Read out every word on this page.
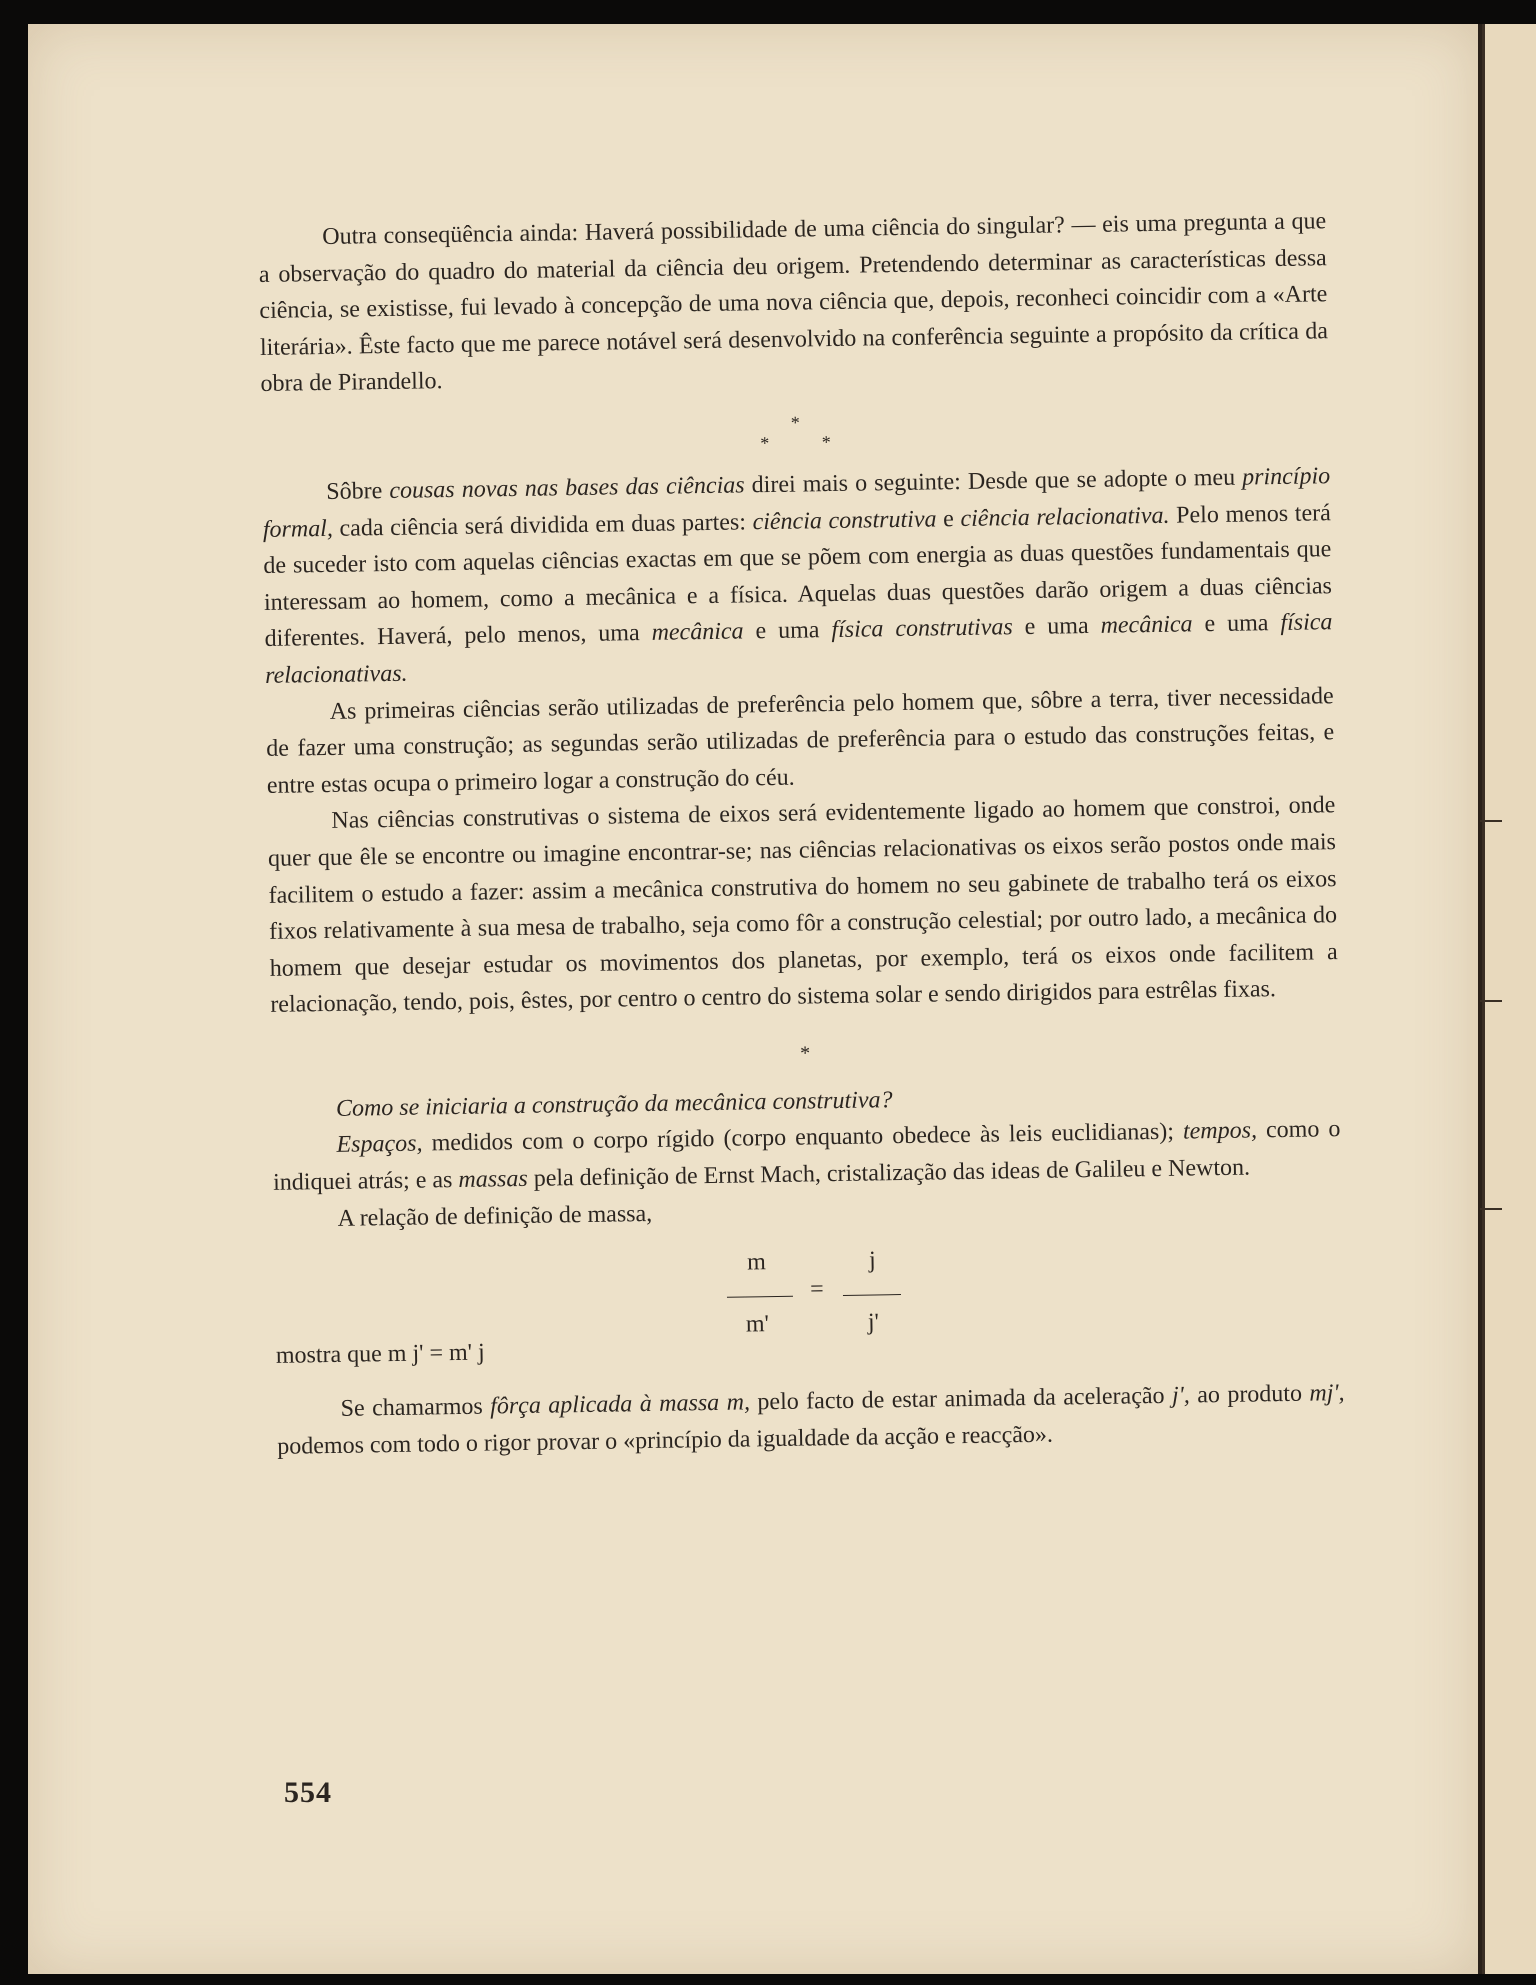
Outra conseqüência ainda: Haverá possibilidade de uma ciência do singular? — eis uma pregunta a que a observação do quadro do material da ciência deu origem. Pretendendo determinar as características dessa ciência, se existisse, fui levado à concepção de uma nova ciência que, depois, reconheci coincidir com a «Arte literária». Êste facto que me parece notável será desenvolvido na conferência seguinte a propósito da crítica da obra de Pirandello.

*
* *

Sôbre cousas novas nas bases das ciências direi mais o seguinte: Desde que se adopte o meu princípio formal, cada ciência será dividida em duas partes: ciência construtiva e ciência relacionativa. Pelo menos terá de suceder isto com aquelas ciências exactas em que se põem com energia as duas questões fundamentais que interessam ao homem, como a mecânica e a física. Aquelas duas questões darão origem a duas ciências diferentes. Haverá, pelo menos, uma mecânica e uma física construtivas e uma mecânica e uma física relacionativas.

As primeiras ciências serão utilizadas de preferência pelo homem que, sôbre a terra, tiver necessidade de fazer uma construção; as segundas serão utilizadas de preferência para o estudo das construções feitas, e entre estas ocupa o primeiro logar a construção do céu.

Nas ciências construtivas o sistema de eixos será evidentemente ligado ao homem que constroi, onde quer que êle se encontre ou imagine encontrar-se; nas ciências relacionativas os eixos serão postos onde mais facilitem o estudo a fazer: assim a mecânica construtiva do homem no seu gabinete de trabalho terá os eixos fixos relativamente à sua mesa de trabalho, seja como fôr a construção celestial; por outro lado, a mecânica do homem que desejar estudar os movimentos dos planetas, por exemplo, terá os eixos onde facilitem a relacionação, tendo, pois, êstes, por centro o centro do sistema solar e sendo dirigidos para estrêlas fixas.

*

Como se iniciaria a construção da mecânica construtiva?

Espaços, medidos com o corpo rígido (corpo enquanto obedece às leis euclidianas); tempos, como o indiquei atrás; e as massas pela definição de Ernst Mach, cristalização das ideas de Galileu e Newton.

A relação de definição de massa,

m
m'
=
j
j'
mostra que m j' = m' j

Se chamarmos fôrça aplicada à massa m, pelo facto de estar animada da aceleração j', ao produto mj', podemos com todo o rigor provar o «princípio da igualdade da acção e reacção».

554
